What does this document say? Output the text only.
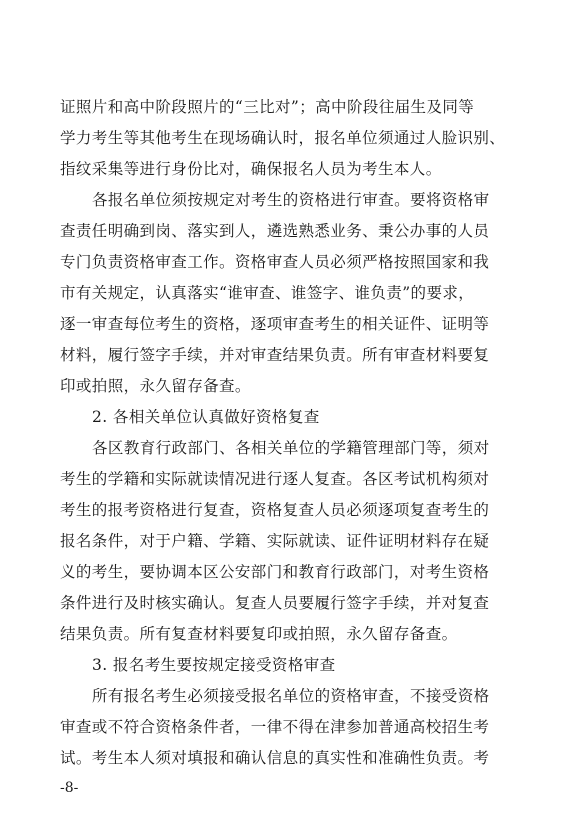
证照片和高中阶段照片的“三比对”；高中阶段往届生及同等
学力考生等其他考生在现场确认时，报名单位须通过人脸识别、
指纹采集等进行身份比对，确保报名人员为考生本人。
各报名单位须按规定对考生的资格进行审查。要将资格审
查责任明确到岗、落实到人，遴选熟悉业务、秉公办事的人员
专门负责资格审查工作。资格审查人员必须严格按照国家和我
市有关规定，认真落实“谁审查、谁签字、谁负责”的要求，
逐一审查每位考生的资格，逐项审查考生的相关证件、证明等
材料，履行签字手续，并对审查结果负责。所有审查材料要复
印或拍照，永久留存备查。
2. 各相关单位认真做好资格复查
各区教育行政部门、各相关单位的学籍管理部门等，须对
考生的学籍和实际就读情况进行逐人复查。各区考试机构须对
考生的报考资格进行复查，资格复查人员必须逐项复查考生的
报名条件，对于户籍、学籍、实际就读、证件证明材料存在疑
义的考生，要协调本区公安部门和教育行政部门，对考生资格
条件进行及时核实确认。复查人员要履行签字手续，并对复查
结果负责。所有复查材料要复印或拍照，永久留存备查。
3. 报名考生要按规定接受资格审查
所有报名考生必须接受报名单位的资格审查，不接受资格
审查或不符合资格条件者，一律不得在津参加普通高校招生考
试。考生本人须对填报和确认信息的真实性和准确性负责。考
-8-
